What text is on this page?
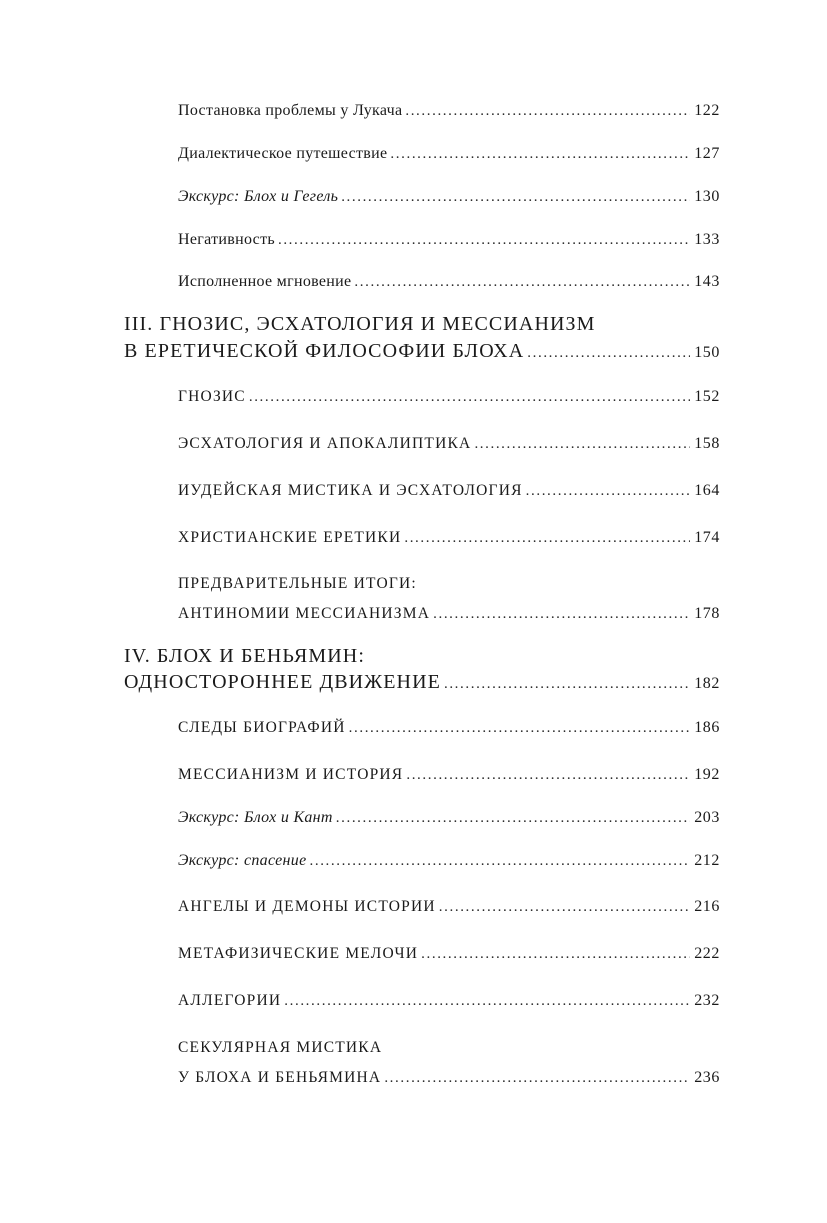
Постановка проблемы у Лукача .....	122
Диалектическое путешествие .....	127
Экскурс: Блох и Гегель .....	130
Негативность .....	133
Исполненное мгновение .....	143
III. ГНОЗИС, ЭСХАТОЛОГИЯ И МЕССИАНИЗМ
В ЕРЕТИЧЕСКОЙ ФИЛОСОФИИ БЛОХА .....	150
ГНОЗИС .....	152
ЭСХАТОЛОГИЯ И АПОКАЛИПТИКА .....	158
ИУДЕЙСКАЯ МИСТИКА И ЭСХАТОЛОГИЯ .....	164
ХРИСТИАНСКИЕ ЕРЕТИКИ .....	174
ПРЕДВАРИТЕЛЬНЫЕ ИТОГИ:
АНТИНОМИИ МЕССИАНИЗМА .....	178
IV. БЛОХ И БЕНЬЯМИН:
ОДНОСТОРОННЕЕ ДВИЖЕНИЕ .....	182
СЛЕДЫ БИОГРАФИЙ .....	186
МЕССИАНИЗМ И ИСТОРИЯ .....	192
Экскурс: Блох и Кант .....	203
Экскурс: спасение .....	212
АНГЕЛЫ И ДЕМОНЫ ИСТОРИИ .....	216
МЕТАФИЗИЧЕСКИЕ МЕЛОЧИ .....	222
АЛЛЕГОРИИ .....	232
СЕКУЛЯРНАЯ МИСТИКА
У БЛОХА И БЕНЬЯМИНА .....	236
